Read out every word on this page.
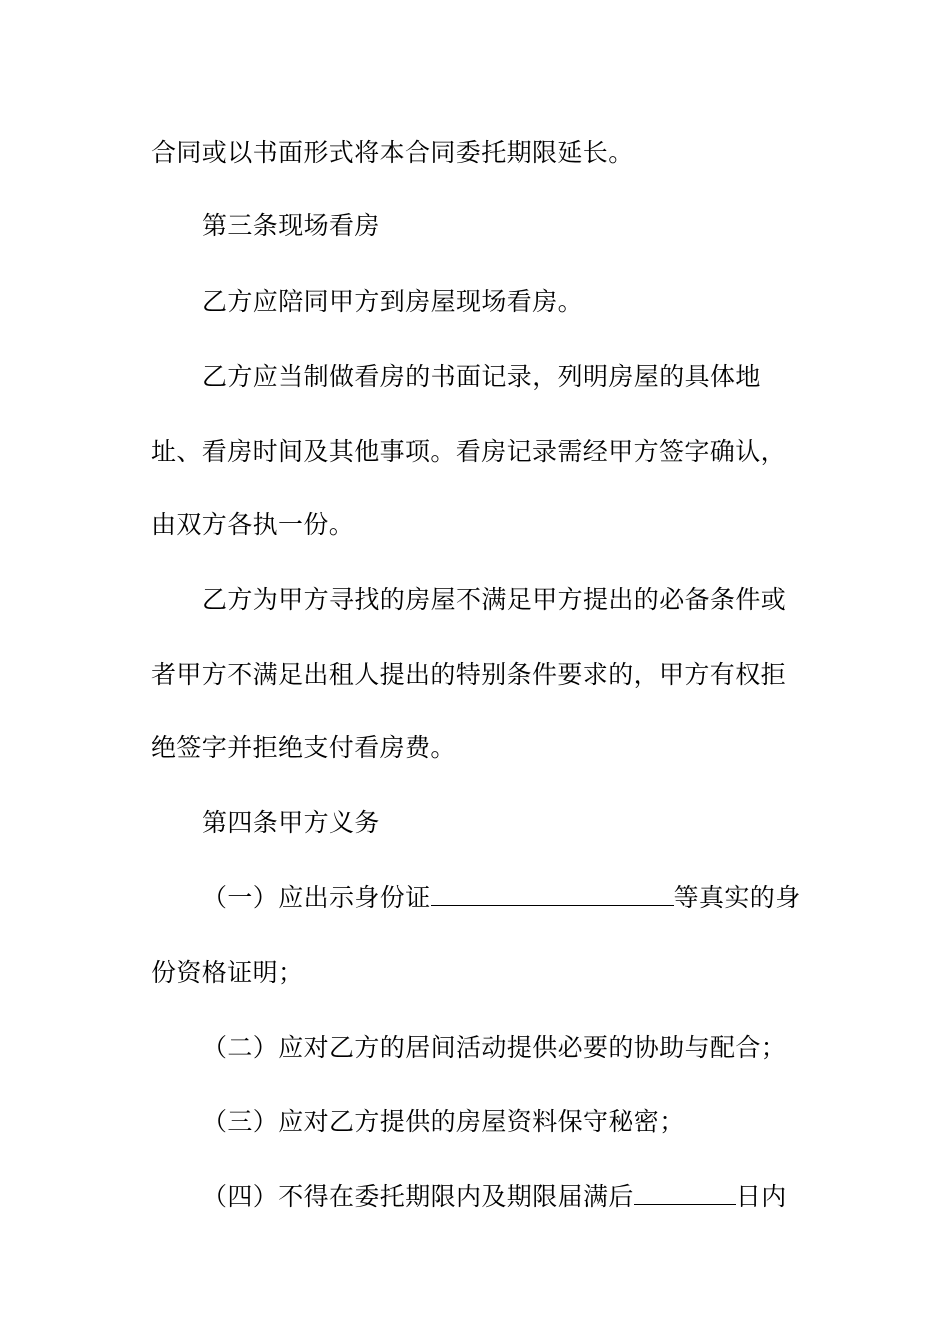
合同或以书面形式将本合同委托期限延长。
第三条现场看房
乙方应陪同甲方到房屋现场看房。
乙方应当制做看房的书面记录，列明房屋的具体地
址、看房时间及其他事项。看房记录需经甲方签字确认，
由双方各执一份。
乙方为甲方寻找的房屋不满足甲方提出的必备条件或
者甲方不满足出租人提出的特别条件要求的，甲方有权拒
绝签字并拒绝支付看房费。
第四条甲方义务
（一）应出示身份证	等真实的身
份资格证明；
（二）应对乙方的居间活动提供必要的协助与配合；
（三）应对乙方提供的房屋资料保守秘密；
（四）不得在委托期限内及期限届满后	日内
